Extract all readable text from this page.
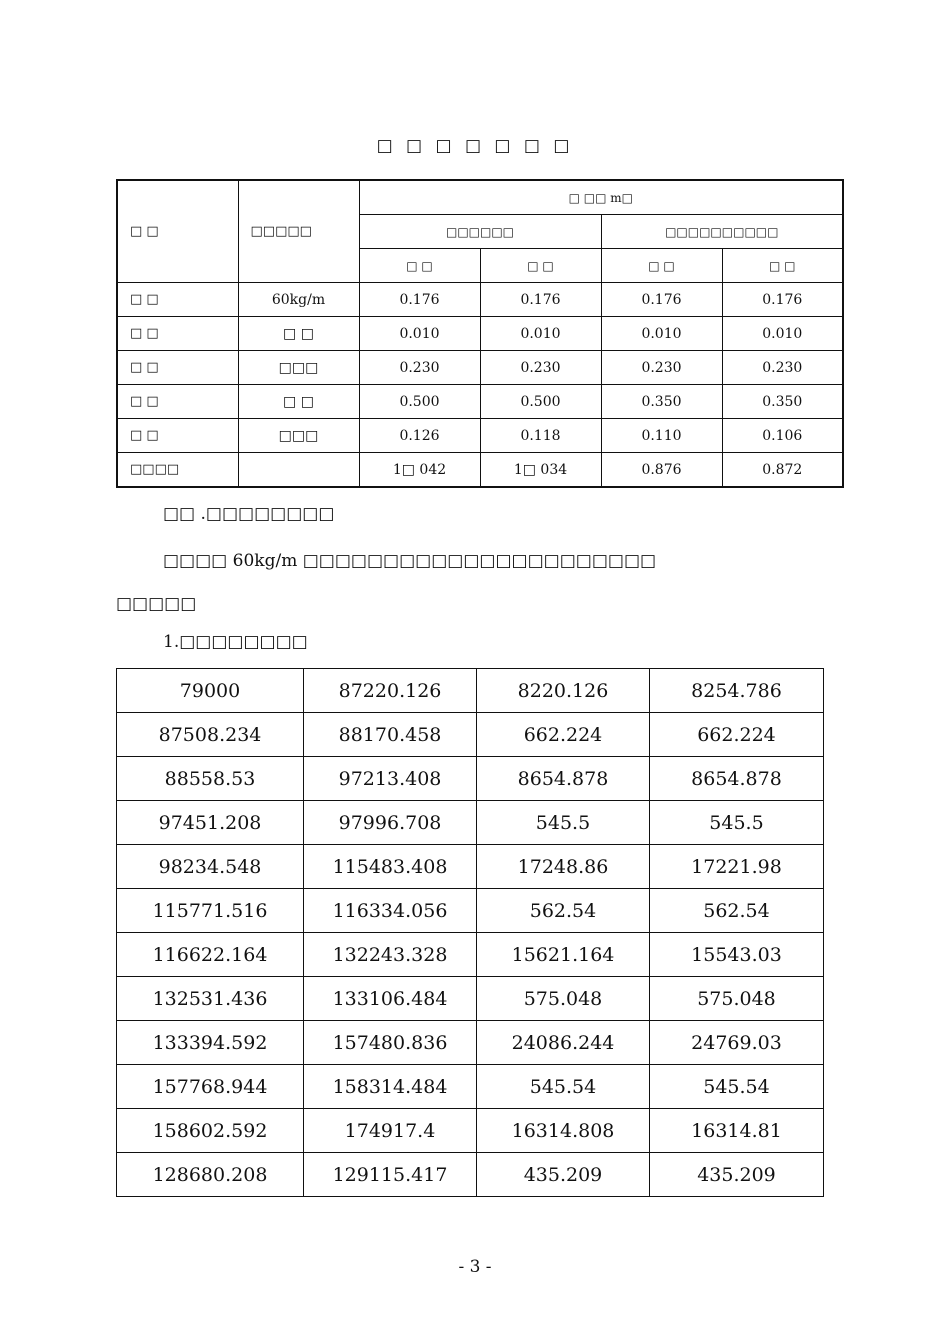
□ □ □ □ □ □ □
□ □	□□□□□	□ □□ m□			
		□□□□□□		□□□□□□□□□□	
		□ □	□ □	□ □	□ □
□ □	60kg/m	0.176	0.176	0.176	0.176
□ □	□ □	0.010	0.010	0.010	0.010
□ □	□□□	0.230	0.230	0.230	0.230
□ □	□ □	0.500	0.500	0.350	0.350
□ □	□□□	0.126	0.118	0.110	0.106
□□□□		1□ 042	1□ 034	0.876	0.872
□□ .□□□□□□□□
□□□□ 60kg/m □□□□□□□□□□□□□□□□□□□□□□
□□□□□
1.□□□□□□□□
79000	87220.126	8220.126	8254.786
87508.234	88170.458	662.224	662.224
88558.53	97213.408	8654.878	8654.878
97451.208	97996.708	545.5	545.5
98234.548	115483.408	17248.86	17221.98
115771.516	116334.056	562.54	562.54
116622.164	132243.328	15621.164	15543.03
132531.436	133106.484	575.048	575.048
133394.592	157480.836	24086.244	24769.03
157768.944	158314.484	545.54	545.54
158602.592	174917.4	16314.808	16314.81
128680.208	129115.417	435.209	435.209
- 3 -
